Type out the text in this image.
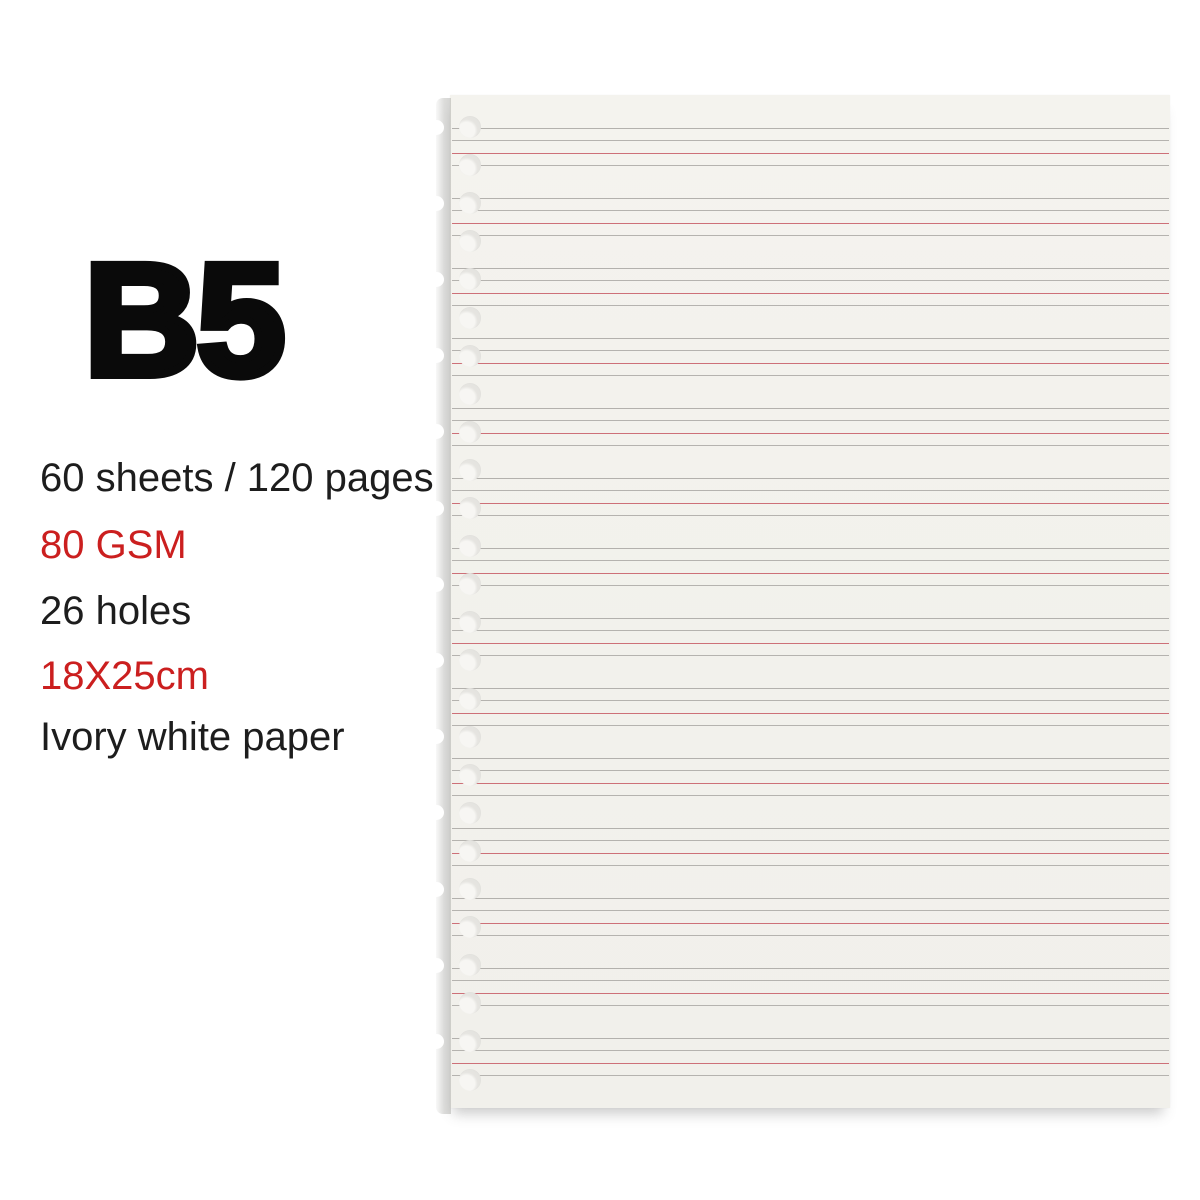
B5
60 sheets / 120 pages
80 GSM
26 holes
18X25cm
Ivory white paper
